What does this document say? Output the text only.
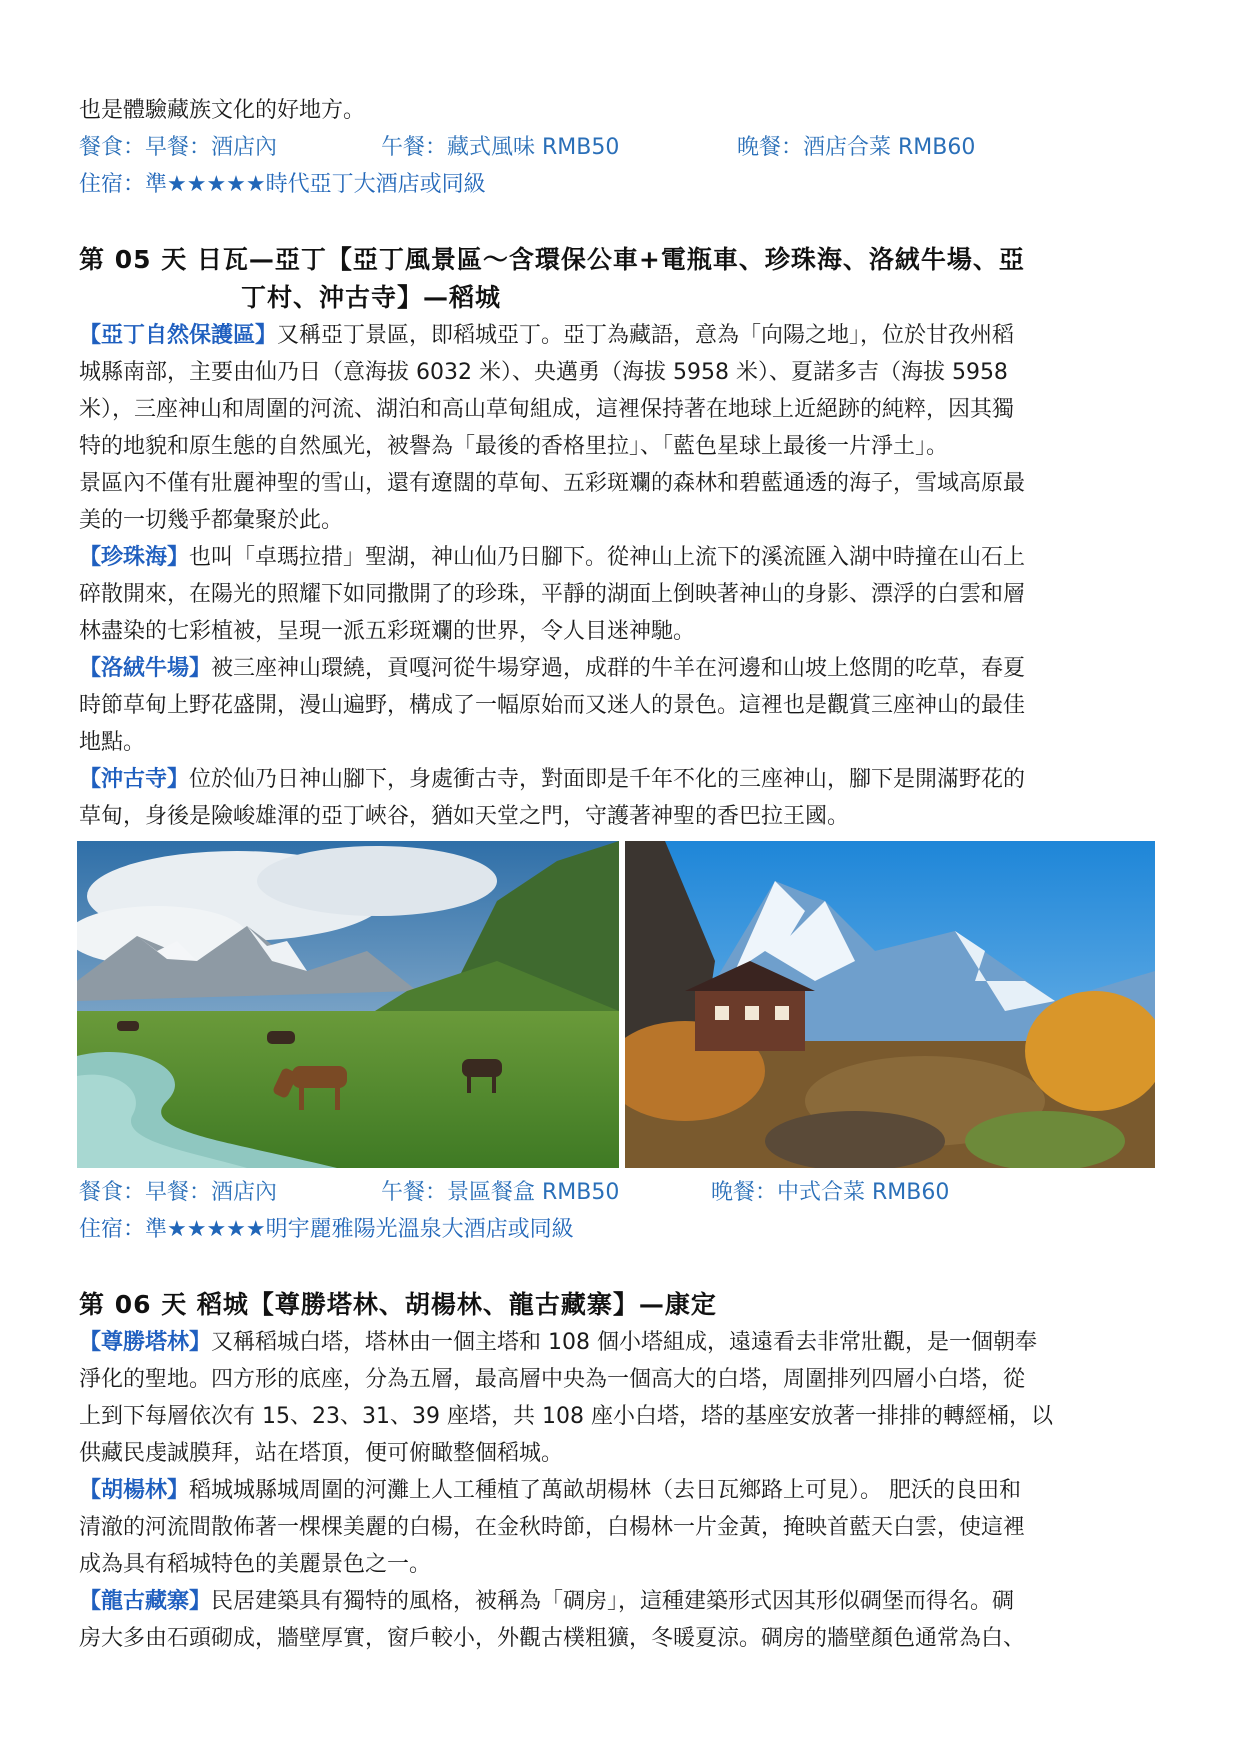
也是體驗藏族文化的好地方。
餐食：早餐：酒店內	午餐：藏式風味 RMB50	晚餐：酒店合菜 RMB60
住宿：準★★★★★時代亞丁大酒店或同級
第 05 天 日瓦—亞丁【亞丁風景區～含環保公車+電瓶車、珍珠海、洛絨牛場、亞
丁村、沖古寺】—稻城
【亞丁自然保護區】又稱亞丁景區，即稻城亞丁。亞丁為藏語，意為「向陽之地」，位於甘孜州稻
城縣南部，主要由仙乃日（意海拔 6032 米）、央邁勇（海拔 5958 米）、夏諾多吉（海拔 5958
米），三座神山和周圍的河流、湖泊和高山草甸組成，這裡保持著在地球上近絕跡的純粹，因其獨
特的地貌和原生態的自然風光，被譽為「最後的香格里拉」、「藍色星球上最後一片淨土」。
景區內不僅有壯麗神聖的雪山，還有遼闊的草甸、五彩斑斕的森林和碧藍通透的海子，雪域高原最
美的一切幾乎都彙聚於此。
【珍珠海】也叫「卓瑪拉措」聖湖，神山仙乃日腳下。從神山上流下的溪流匯入湖中時撞在山石上
碎散開來，在陽光的照耀下如同撒開了的珍珠，平靜的湖面上倒映著神山的身影、漂浮的白雲和層
林盡染的七彩植被，呈現一派五彩斑斕的世界，令人目迷神馳。
【洛絨牛場】被三座神山環繞，貢嘎河從牛場穿過，成群的牛羊在河邊和山坡上悠閒的吃草，春夏
時節草甸上野花盛開，漫山遍野，構成了一幅原始而又迷人的景色。這裡也是觀賞三座神山的最佳
地點。
【沖古寺】位於仙乃日神山腳下，身處衝古寺，對面即是千年不化的三座神山，腳下是開滿野花的
草甸，身後是險峻雄渾的亞丁峽谷，猶如天堂之門，守護著神聖的香巴拉王國。
餐食：早餐：酒店內	午餐：景區餐盒 RMB50	晚餐：中式合菜 RMB60
住宿：準★★★★★明宇麗雅陽光溫泉大酒店或同級
第 06 天 稻城【尊勝塔林、胡楊林、龍古藏寨】—康定
【尊勝塔林】又稱稻城白塔，塔林由一個主塔和 108 個小塔組成，遠遠看去非常壯觀，是一個朝奉
淨化的聖地。四方形的底座，分為五層，最高層中央為一個高大的白塔，周圍排列四層小白塔，從
上到下每層依次有 15、23、31、39 座塔，共 108 座小白塔，塔的基座安放著一排排的轉經桶，以
供藏民虔誠膜拜，站在塔頂，便可俯瞰整個稻城。
【胡楊林】稻城城縣城周圍的河灘上人工種植了萬畝胡楊林（去日瓦鄉路上可見）。 肥沃的良田和
清澈的河流間散佈著一棵棵美麗的白楊，在金秋時節，白楊林一片金黃，掩映首藍天白雲，使這裡
成為具有稻城特色的美麗景色之一。
【龍古藏寨】民居建築具有獨特的風格，被稱為「碉房」，這種建築形式因其形似碉堡而得名。碉
房大多由石頭砌成，牆壁厚實，窗戶較小，外觀古樸粗獷，冬暖夏涼。碉房的牆壁顏色通常為白、
